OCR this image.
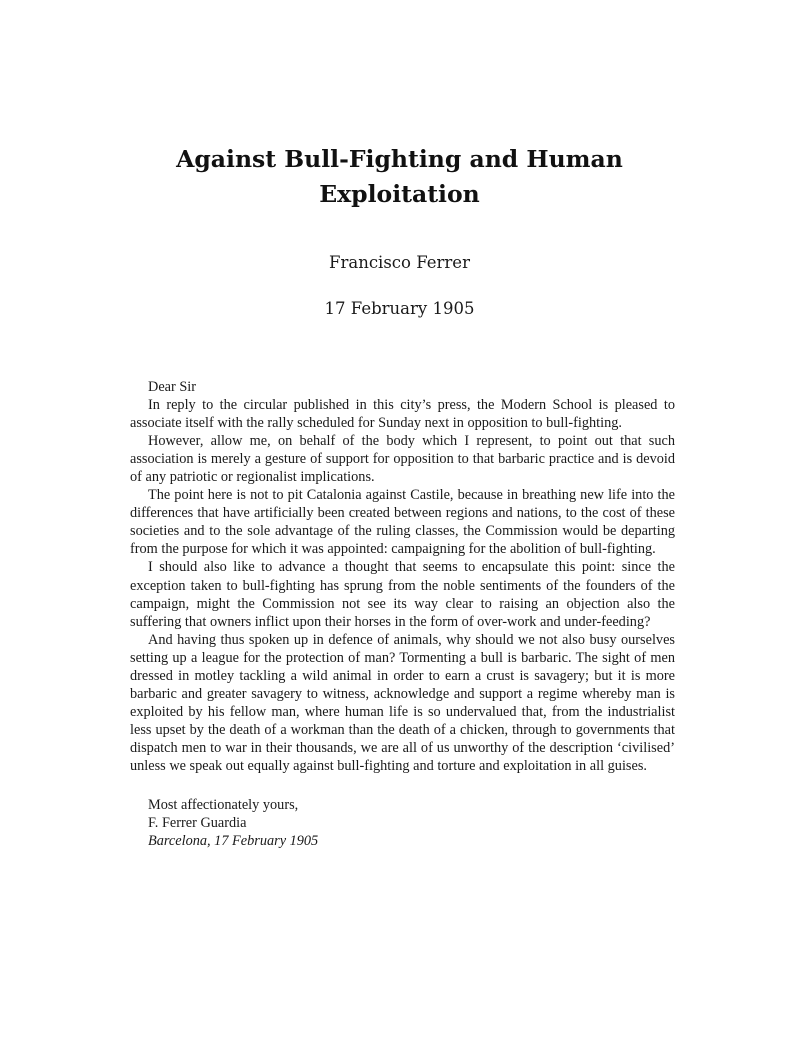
Against Bull-Fighting and Human Exploitation
Francisco Ferrer
17 February 1905

Dear Sir

In reply to the circular published in this city’s press, the Modern School is pleased to associate itself with the rally scheduled for Sunday next in opposition to bull-fighting.

However, allow me, on behalf of the body which I represent, to point out that such association is merely a gesture of support for opposition to that barbaric practice and is devoid of any patriotic or regionalist implications.

The point here is not to pit Catalonia against Castile, because in breathing new life into the differences that have artificially been created between regions and nations, to the cost of these societies and to the sole advantage of the ruling classes, the Commission would be departing from the purpose for which it was appointed: campaigning for the abolition of bull-fighting.

I should also like to advance a thought that seems to encapsulate this point: since the exception taken to bull-fighting has sprung from the noble sentiments of the founders of the campaign, might the Commission not see its way clear to raising an objection also the suffering that owners inflict upon their horses in the form of over-work and under-feeding?

And having thus spoken up in defence of animals, why should we not also busy ourselves setting up a league for the protection of man? Tormenting a bull is barbaric. The sight of men dressed in motley tackling a wild animal in order to earn a crust is savagery; but it is more barbaric and greater savagery to witness, acknowledge and support a regime whereby man is exploited by his fellow man, where human life is so undervalued that, from the industrialist less upset by the death of a workman than the death of a chicken, through to governments that dispatch men to war in their thousands, we are all of us unworthy of the description ‘civilised’ unless we speak out equally against bull-fighting and torture and exploitation in all guises.

Most affectionately yours,
F. Ferrer Guardia
Barcelona, 17 February 1905
